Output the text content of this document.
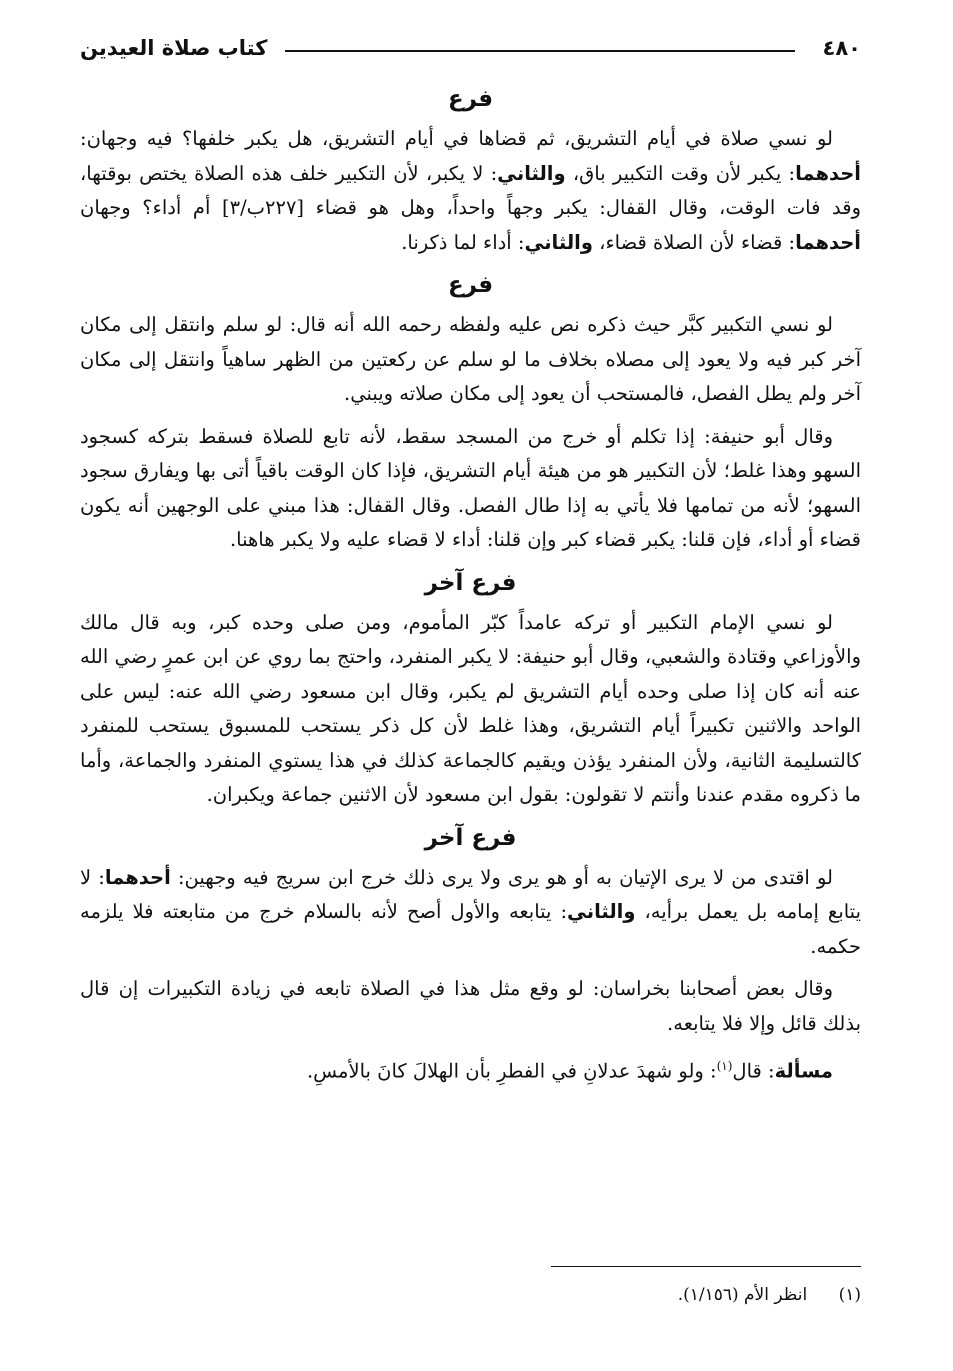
٤٨٠
كتاب صلاة العيدين
فرع

لو نسي صلاة في أيام التشريق، ثم قضاها في أيام التشريق، هل يكبر خلفها؟ فيه وجهان: أحدهما: يكبر لأن وقت التكبير باق، والثاني: لا يكبر، لأن التكبير خلف هذه الصلاة يختص بوقتها، وقد فات الوقت، وقال القفال: يكبر وجهاً واحداً، وهل هو قضاء [٢٢٧ب/٣] أم أداء؟ وجهان أحدهما: قضاء لأن الصلاة قضاء، والثاني: أداء لما ذكرنا.

فرع

لو نسي التكبير كبَّر حيث ذكره نص عليه ولفظه رحمه الله أنه قال: لو سلم وانتقل إلى مكان آخر كبر فيه ولا يعود إلى مصلاه بخلاف ما لو سلم عن ركعتين من الظهر ساهياً وانتقل إلى مكان آخر ولم يطل الفصل، فالمستحب أن يعود إلى مكان صلاته ويبني.

وقال أبو حنيفة: إذا تكلم أو خرج من المسجد سقط، لأنه تابع للصلاة فسقط بتركه كسجود السهو وهذا غلط؛ لأن التكبير هو من هيئة أيام التشريق، فإذا كان الوقت باقياً أتى بها ويفارق سجود السهو؛ لأنه من تمامها فلا يأتي به إذا طال الفصل. وقال القفال: هذا مبني على الوجهين أنه يكون قضاء أو أداء، فإن قلنا: يكبر قضاء كبر وإن قلنا: أداء لا قضاء عليه ولا يكبر هاهنا.

فرع آخر

لو نسي الإمام التكبير أو تركه عامداً كبّر المأموم، ومن صلى وحده كبر، وبه قال مالك والأوزاعي وقتادة والشعبي، وقال أبو حنيفة: لا يكبر المنفرد، واحتج بما روي عن ابن عمرٍ رضي الله عنه أنه كان إذا صلى وحده أيام التشريق لم يكبر، وقال ابن مسعود رضي الله عنه: ليس على الواحد والاثنين تكبيراً أيام التشريق، وهذا غلط لأن كل ذكر يستحب للمسبوق يستحب للمنفرد كالتسليمة الثانية، ولأن المنفرد يؤذن ويقيم كالجماعة كذلك في هذا يستوي المنفرد والجماعة، وأما ما ذكروه مقدم عندنا وأنتم لا تقولون: بقول ابن مسعود لأن الاثنين جماعة ويكبران.

فرع آخر

لو اقتدى من لا يرى الإتيان به أو هو يرى ولا يرى ذلك خرج ابن سريج فيه وجهين: أحدهما: لا يتابع إمامه بل يعمل برأيه، والثاني: يتابعه والأول أصح لأنه بالسلام خرج من متابعته فلا يلزمه حكمه.

وقال بعض أصحابنا بخراسان: لو وقع مثل هذا في الصلاة تابعه في زيادة التكبيرات إن قال بذلك قائل وإلا فلا يتابعه.

مسألة: قال$^{(١)}$: ولو شهدَ عدلانِ في الفطرِ بأن الهلالَ كانَ بالأمسِ.

(١) انظر الأم (١/١٥٦).
